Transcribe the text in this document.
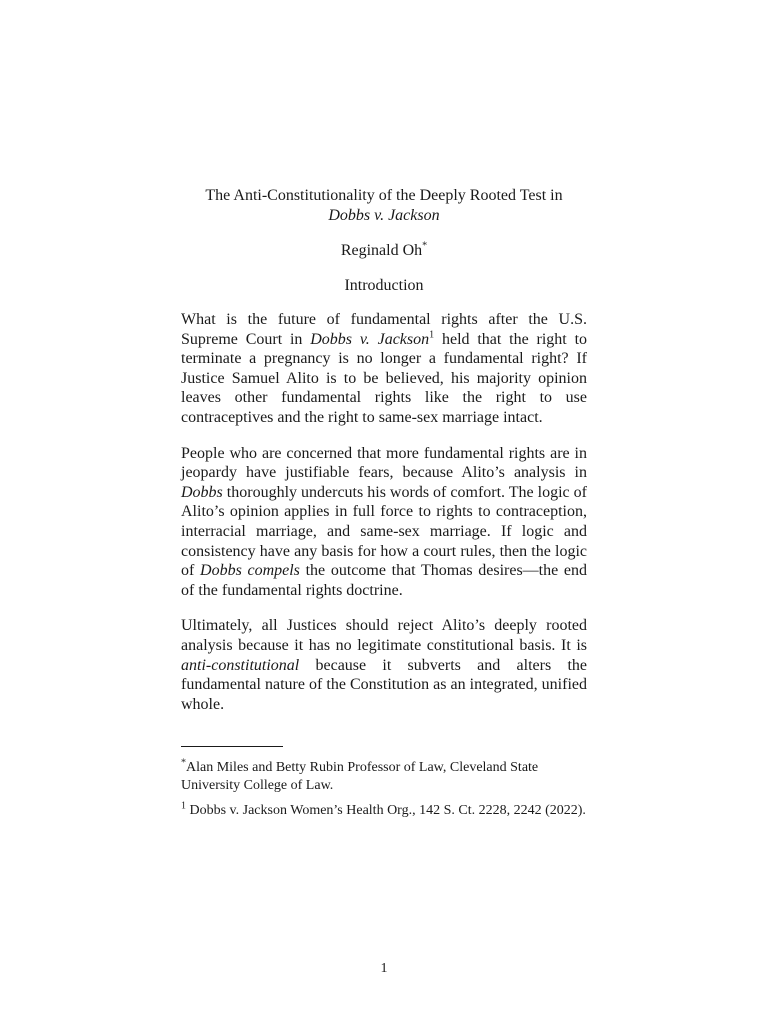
The Anti-Constitutionality of the Deeply Rooted Test in
Dobbs v. Jackson
Reginald Oh*
Introduction

What is the future of fundamental rights after the U.S. Supreme Court in Dobbs v. Jackson$^1$ held that the right to terminate a pregnancy is no longer a fundamental right? If Justice Samuel Alito is to be believed, his majority opinion leaves other fundamental rights like the right to use contraceptives and the right to same-sex marriage intact.

People who are concerned that more fundamental rights are in jeopardy have justifiable fears, because Alito’s analysis in Dobbs thoroughly undercuts his words of comfort. The logic of Alito’s opinion applies in full force to rights to contraception, interracial marriage, and same-sex marriage. If logic and consistency have any basis for how a court rules, then the logic of Dobbs compels the outcome that Thomas desires—the end of the fundamental rights doctrine.

Ultimately, all Justices should reject Alito’s deeply rooted analysis because it has no legitimate constitutional basis. It is anti-constitutional because it subverts and alters the fundamental nature of the Constitution as an integrated, unified whole.

*Alan Miles and Betty Rubin Professor of Law, Cleveland State University College of Law.

$^1$ Dobbs v. Jackson Women’s Health Org., 142 S. Ct. 2228, 2242 (2022).

1
